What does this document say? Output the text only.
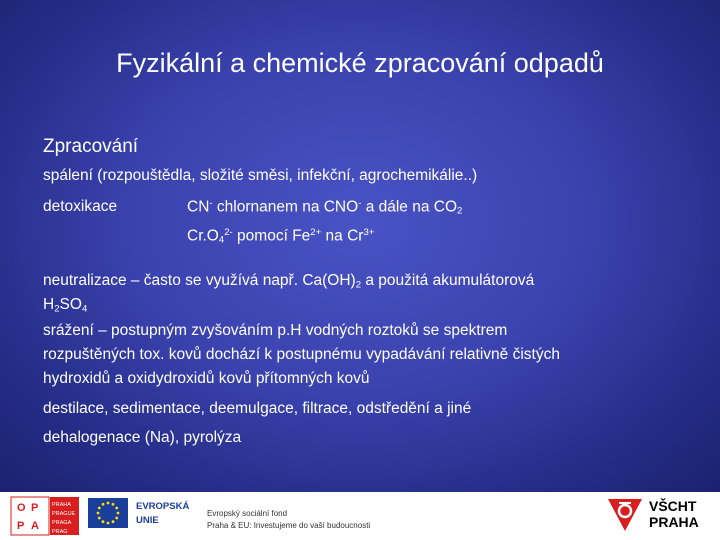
Fyzikální a chemické zpracování odpadů
Zpracování
spálení (rozpouštědla, složité směsi, infekční, agrochemikálie..)
detoxikace	CN- chlornanem na CNO- a dále na $CO_2$
$Cr.O_4^{2-}$ pomocí $Fe^{2+}$ na $Cr^{3+}$
neutralizace – často se využívá např. $Ca(OH)_2$ a použitá akumulátorová
$H_2SO_4$
srážení – postupným zvyšováním p.H vodných roztoků se spektrem
rozpuštěných tox. kovů dochází k postupnému vypadávání relativně čistých
hydroxidů a oxidydroxidů kovů přítomných kovů
destilace, sedimentace, deemulgace, filtrace, odstředění a jiné
dehalogenace (Na), pyrolýza
O P
P A
PRAHA
PRAGUE
PRAGA
PRAG
EVROPSKÁ
UNIE
Evropský sociální fond
Praha & EU: Investujeme do vaší budoucnosti
VŠCHT
PRAHA
